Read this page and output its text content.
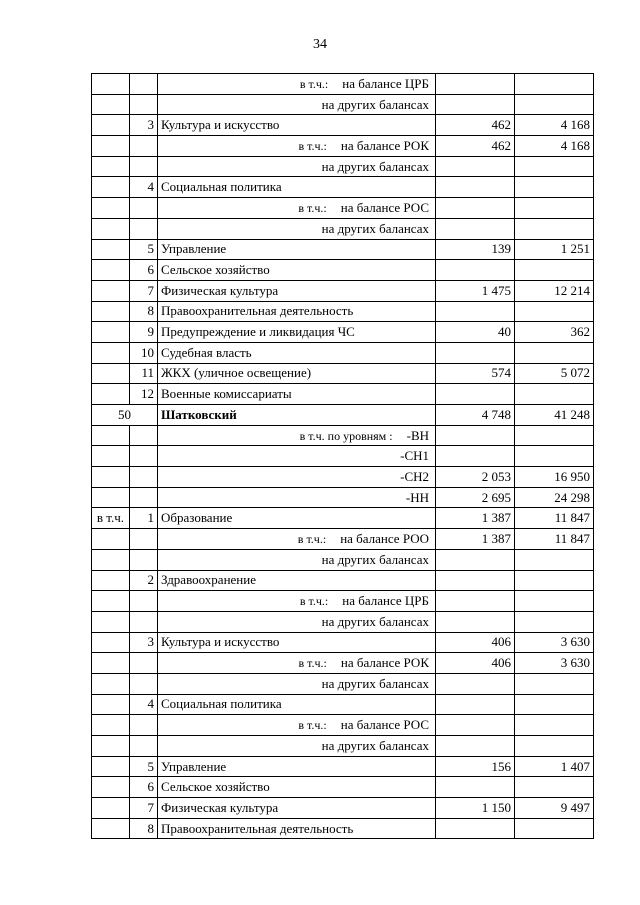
34
		в т.ч.: на балансе ЦРБ		
		на других балансах		
	3	Культура и искусство	462	4 168
		в т.ч.: на балансе РОК	462	4 168
		на других балансах		
	4	Социальная политика		
		в т.ч.: на балансе РОС		
		на других балансах		
	5	Управление	139	1 251
	6	Сельское хозяйство		
	7	Физическая культура	1 475	12 214
	8	Правоохранительная деятельность		
	9	Предупреждение и ликвидация ЧС	40	362
	10	Судебная власть		
	11	ЖКХ (уличное освещение)	574	5 072
	12	Военные комиссариаты		
50		Шатковский	4 748	41 248
		в т.ч. по уровням : -ВН		
		-СН1		
		-СН2	2 053	16 950
		-НН	2 695	24 298
в т.ч.	1	Образование	1 387	11 847
		в т.ч.: на балансе РОО	1 387	11 847
		на других балансах		
	2	Здравоохранение		
		в т.ч.: на балансе ЦРБ		
		на других балансах		
	3	Культура и искусство	406	3 630
		в т.ч.: на балансе РОК	406	3 630
		на других балансах		
	4	Социальная политика		
		в т.ч.: на балансе РОС		
		на других балансах		
	5	Управление	156	1 407
	6	Сельское хозяйство		
	7	Физическая культура	1 150	9 497
	8	Правоохранительная деятельность		
